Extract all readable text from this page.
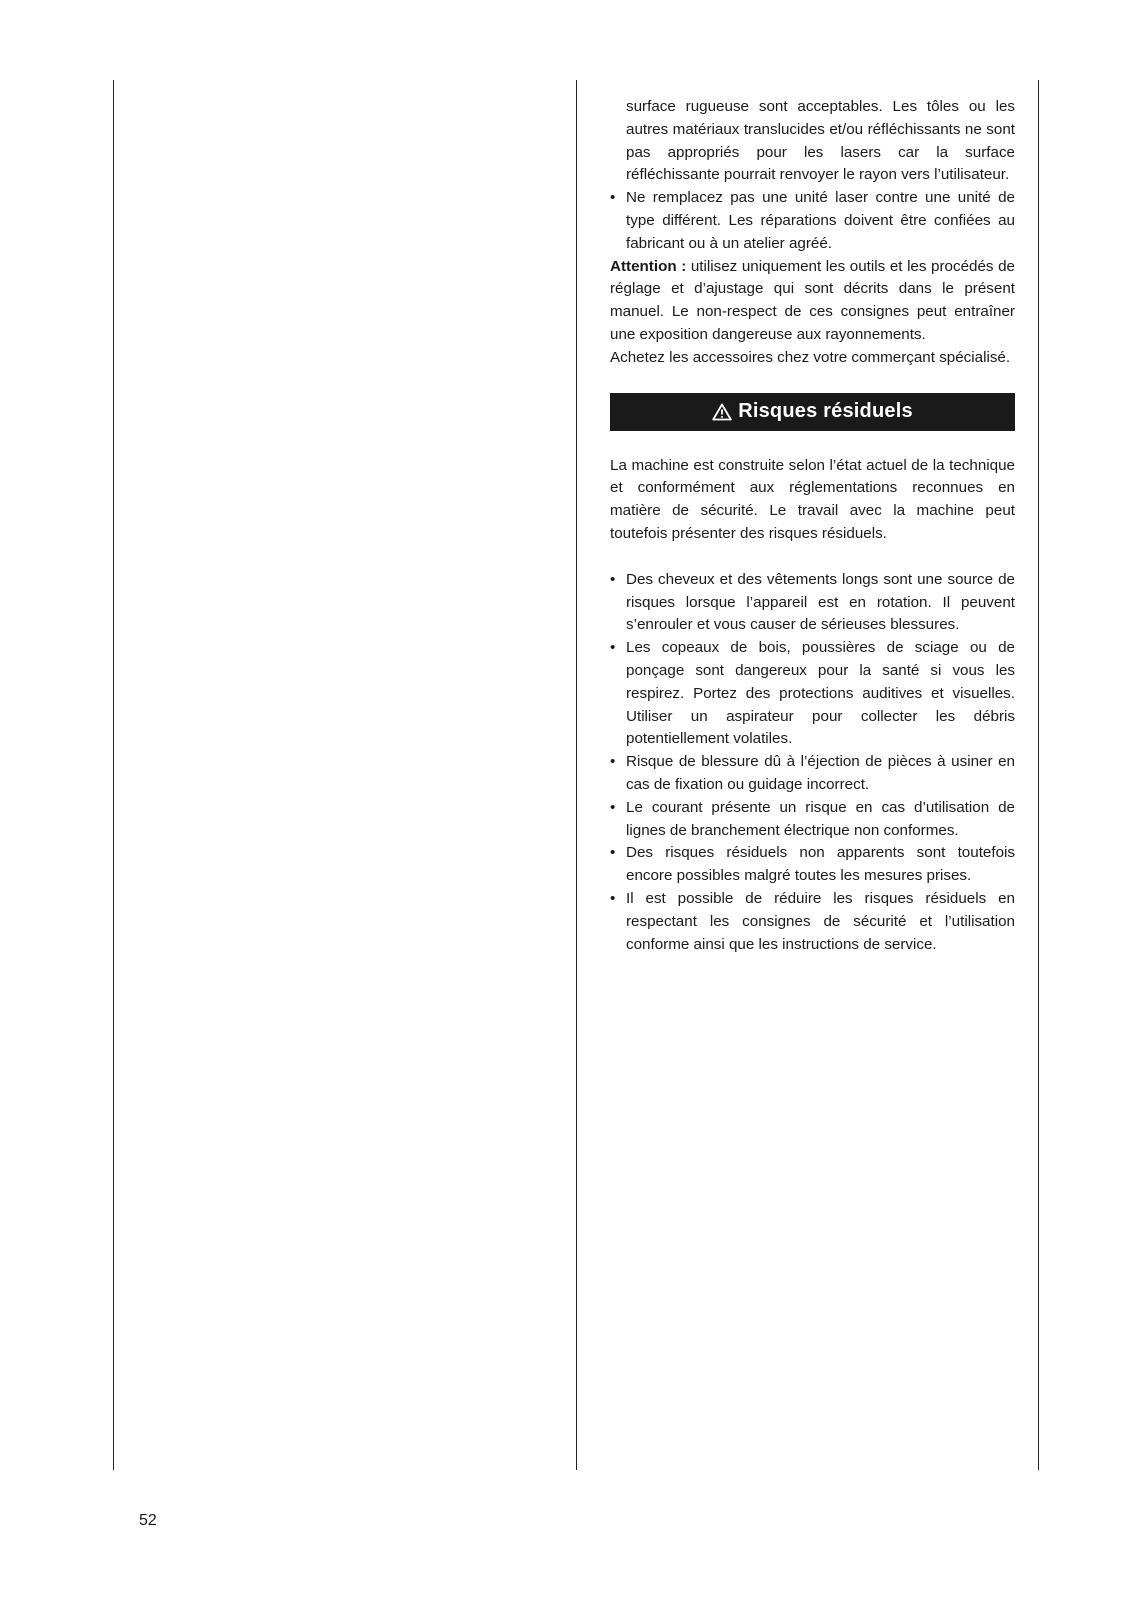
surface rugueuse sont acceptables. Les tôles ou les autres matériaux translucides et/ou réfléchissants ne sont pas appropriés pour les lasers car la surface réfléchissante pourrait renvoyer le rayon vers l’utilisateur.

• Ne remplacez pas une unité laser contre une unité de type différent. Les réparations doivent être confiées au fabricant ou à un atelier agréé.

Attention : utilisez uniquement les outils et les procédés de réglage et d’ajustage qui sont décrits dans le présent manuel. Le non-respect de ces consignes peut entraîner une exposition dangereuse aux rayonnements.

Achetez les accessoires chez votre commerçant spécialisé.

Risques résiduels

La machine est construite selon l’état actuel de la technique et conformément aux réglementations reconnues en matière de sécurité. Le travail avec la machine peut toutefois présenter des risques résiduels.

• Des cheveux et des vêtements longs sont une source de risques lorsque l’appareil est en rotation. Il peuvent s’enrouler et vous causer de sérieuses blessures.
• Les copeaux de bois, poussières de sciage ou de ponçage sont dangereux pour la santé si vous les respirez. Portez des protections auditives et visuelles. Utiliser un aspirateur pour collecter les débris potentiellement volatiles.
• Risque de blessure dû à l’éjection de pièces à usiner en cas de fixation ou guidage incorrect.
• Le courant présente un risque en cas d’utilisation de lignes de branchement électrique non conformes.
• Des risques résiduels non apparents sont toutefois encore possibles malgré toutes les mesures prises.
• Il est possible de réduire les risques résiduels en respectant les consignes de sécurité et l’utilisation conforme ainsi que les instructions de service.
52
